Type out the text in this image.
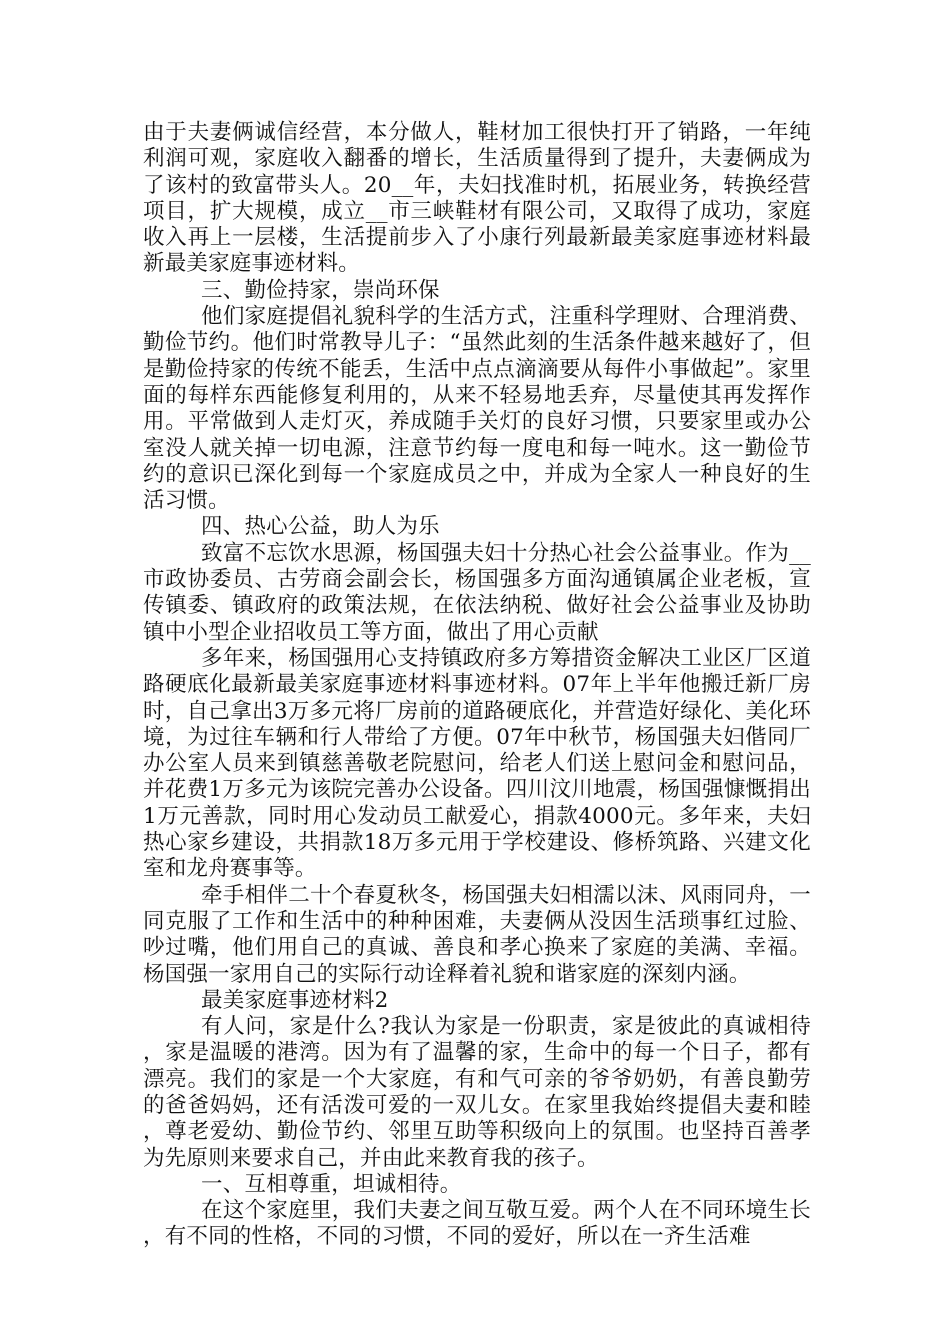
由于夫妻俩诚信经营，本分做人，鞋材加工很快打开了销路，一年纯利润可观，家庭收入翻番的增长，生活质量得到了提升，夫妻俩成为了该村的致富带头人。20__年，夫妇找准时机，拓展业务，转换经营项目，扩大规模，成立__市三峡鞋材有限公司，又取得了成功，家庭收入再上一层楼，生活提前步入了小康行列最新最美家庭事迹材料最新最美家庭事迹材料。

三、勤俭持家，崇尚环保

他们家庭提倡礼貌科学的生活方式，注重科学理财、合理消费、勤俭节约。他们时常教导儿子：“虽然此刻的生活条件越来越好了，但是勤俭持家的传统不能丢，生活中点点滴滴要从每件小事做起”。家里面的每样东西能修复利用的，从来不轻易地丢弃，尽量使其再发挥作用。平常做到人走灯灭，养成随手关灯的良好习惯，只要家里或办公室没人就关掉一切电源，注意节约每一度电和每一吨水。这一勤俭节约的意识已深化到每一个家庭成员之中，并成为全家人一种良好的生活习惯。

四、热心公益，助人为乐

致富不忘饮水思源，杨国强夫妇十分热心社会公益事业。作为__市政协委员、古劳商会副会长，杨国强多方面沟通镇属企业老板，宣传镇委、镇政府的政策法规，在依法纳税、做好社会公益事业及协助镇中小型企业招收员工等方面，做出了用心贡献

多年来，杨国强用心支持镇政府多方筹措资金解决工业区厂区道路硬底化最新最美家庭事迹材料事迹材料。07年上半年他搬迁新厂房时，自己拿出3万多元将厂房前的道路硬底化，并营造好绿化、美化环境，为过往车辆和行人带给了方便。07年中秋节，杨国强夫妇偕同厂办公室人员来到镇慈善敬老院慰问，给老人们送上慰问金和慰问品，并花费1万多元为该院完善办公设备。四川汶川地震，杨国强慷慨捐出1万元善款，同时用心发动员工献爱心，捐款4000元。多年来，夫妇热心家乡建设，共捐款18万多元用于学校建设、修桥筑路、兴建文化室和龙舟赛事等。

牵手相伴二十个春夏秋冬，杨国强夫妇相濡以沫、风雨同舟，一同克服了工作和生活中的种种困难，夫妻俩从没因生活琐事红过脸、吵过嘴，他们用自己的真诚、善良和孝心换来了家庭的美满、幸福。杨国强一家用自己的实际行动诠释着礼貌和谐家庭的深刻内涵。

最美家庭事迹材料2

有人问，家是什么?我认为家是一份职责，家是彼此的真诚相待，家是温暖的港湾。因为有了温馨的家，生命中的每一个日子，都有漂亮。我们的家是一个大家庭，有和气可亲的爷爷奶奶，有善良勤劳的爸爸妈妈，还有活泼可爱的一双儿女。在家里我始终提倡夫妻和睦，尊老爱幼、勤俭节约、邻里互助等积级向上的氛围。也坚持百善孝为先原则来要求自己，并由此来教育我的孩子。

一、互相尊重，坦诚相待。

在这个家庭里，我们夫妻之间互敬互爱。两个人在不同环境生长，有不同的性格，不同的习惯，不同的爱好，所以在一齐生活难
